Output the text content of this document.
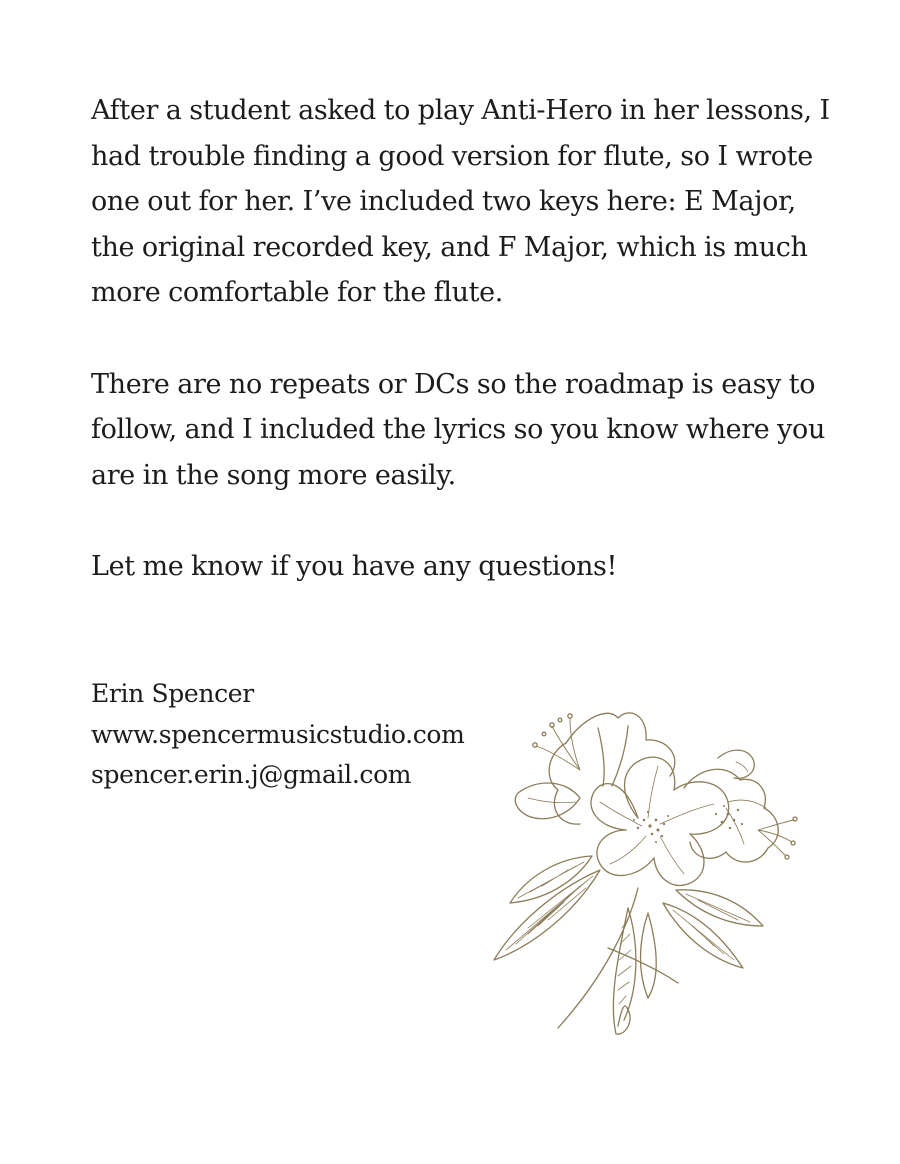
After a student asked to play Anti-Hero in her lessons, I had trouble finding a good version for flute, so I wrote one out for her. I’ve included two keys here: E Major, the original recorded key, and F Major, which is much more comfortable for the flute.

There are no repeats or DCs so the roadmap is easy to follow, and I included the lyrics so you know where you are in the song more easily.

Let me know if you have any questions!

Erin Spencer
www.spencermusicstudio.com
spencer.erin.j@gmail.com
